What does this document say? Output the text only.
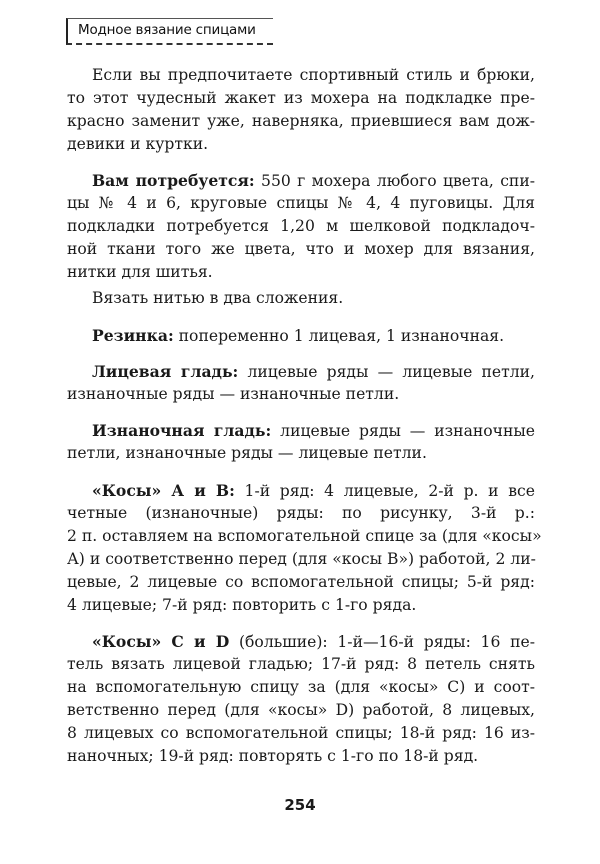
Модное вязание спицами
Если вы предпочитаете спортивный стиль и брюки,
то этот чудесный жакет из мохера на подкладке пре-
красно заменит уже, наверняка, приевшиеся вам дож-
девики и куртки.
Вам потребуется: 550 г мохера любого цвета, спи-
цы № 4 и 6, круговые спицы № 4, 4 пуговицы. Для
подкладки потребуется 1,20 м шелковой подкладоч-
ной ткани того же цвета, что и мохер для вязания,
нитки для шитья.
Вязать нитью в два сложения.
Резинка: попеременно 1 лицевая, 1 изнаночная.
Лицевая гладь: лицевые ряды — лицевые петли,
изнаночные ряды — изнаночные петли.
Изнаночная гладь: лицевые ряды — изнаночные
петли, изнаночные ряды — лицевые петли.
«Косы» А и В: 1-й ряд: 4 лицевые, 2-й р. и все
четные (изнаночные) ряды: по рисунку, 3-й р.:
2 п. оставляем на вспомогательной спице за (для «косы»
А) и соответственно перед (для «косы В») работой, 2 ли-
цевые, 2 лицевые со вспомогательной спицы; 5-й ряд:
4 лицевые; 7-й ряд: повторить с 1-го ряда.
«Косы» С и D (большие): 1-й—16-й ряды: 16 пе-
тель вязать лицевой гладью; 17-й ряд: 8 петель снять
на вспомогательную спицу за (для «косы» С) и соот-
ветственно перед (для «косы» D) работой, 8 лицевых,
8 лицевых со вспомогательной спицы; 18-й ряд: 16 из-
наночных; 19-й ряд: повторять с 1-го по 18-й ряд.
254
